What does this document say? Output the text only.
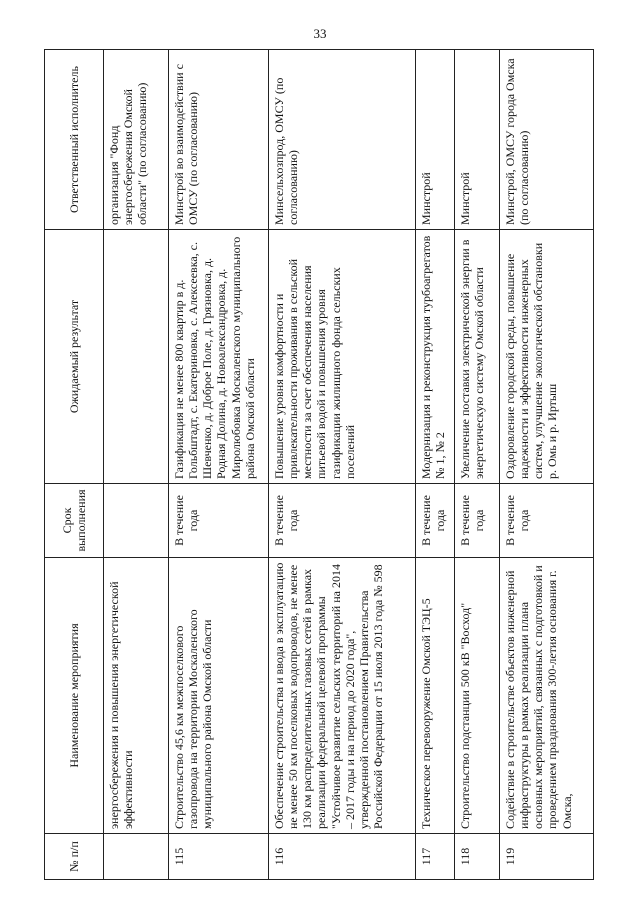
33
№ п/п	Наименование мероприятия	Срок выполнения	Ожидаемый результат	Ответственный исполнитель
	энергосбережения и повышения энергетической эффективности			организация "Фонд энергосбережения Омской области" (по согласованию)
115	Строительство 45,6 км межпоселкового газопровода на территории Москаленского муниципального района Омской области	В течение года	Газификация не менее 800 квартир в д. Гольбштадт, с. Екатериновка, с. Алексеевка, с. Шевченко, д. Доброе Поле, д. Грязновка, д. Родная Долина, д. Новоалександровка, д. Миролюбовка Москаленского муниципального района Омской области	Минстрой во взаимодействии с ОМСУ (по согласованию)
116	Обеспечение строительства и ввода в эксплуатацию не менее 50 км поселковых водопроводов, не менее 130 км распределительных газовых сетей в рамках реализации федеральной целевой программы "Устойчивое развитие сельских территорий на 2014 – 2017 годы и на период до 2020 года", утвержденной постановлением Правительства Российской Федерации от 15 июля 2013 года № 598	В течение года	Повышение уровня комфортности и привлекательности проживания в сельской местности за счет обеспечения населения питьевой водой и повышения уровня газификации жилищного фонда сельских поселений	Минсельхозпрод, ОМСУ (по согласованию)
117	Техническое перевооружение Омской ТЭЦ-5	В течение года	Модернизация и реконструкция турбоагрегатов № 1, № 2	Минстрой
118	Строительство подстанции 500 кВ "Восход"	В течение года	Увеличение поставки электрической энергии в энергетическую систему Омской области	Минстрой
119	Содействие в строительстве объектов инженерной инфраструктуры в рамках реализации плана основных мероприятий, связанных с подготовкой и проведением празднования 300-летия основания г. Омска,	В течение года	Оздоровление городской среды, повышение надежности и эффективности инженерных систем, улучшение экологической обстановки р. Омь и р. Иртыш	Минстрой, ОМСУ города Омска (по согласованию)
